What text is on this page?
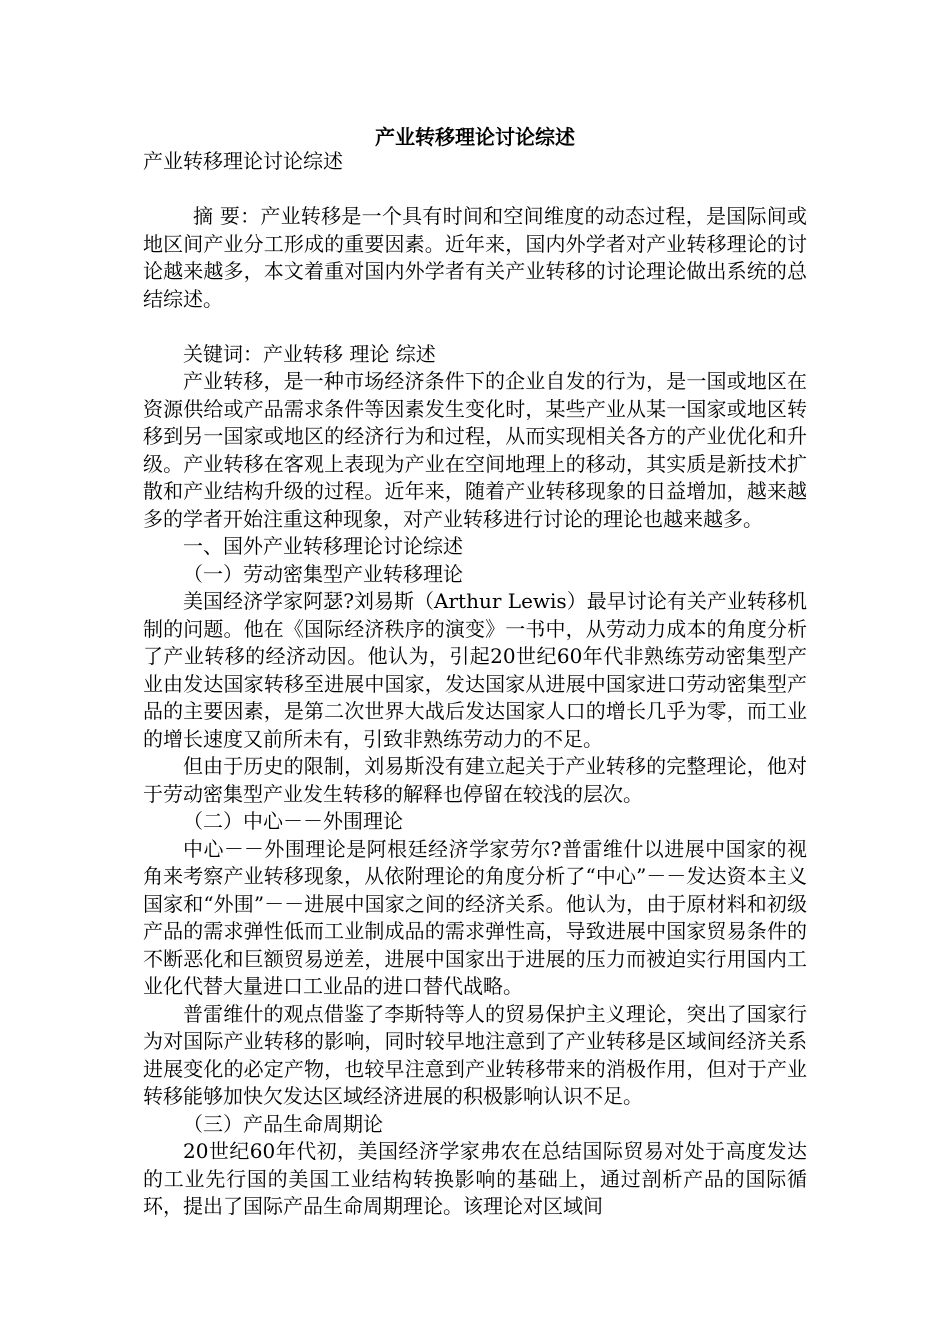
产业转移理论讨论综述

产业转移理论讨论综述

摘 要：产业转移是一个具有时间和空间维度的动态过程，是国际间或地区间产业分工形成的重要因素。近年来，国内外学者对产业转移理论的讨论越来越多，本文着重对国内外学者有关产业转移的讨论理论做出系统的总结综述。

关键词：产业转移 理论 综述

产业转移，是一种市场经济条件下的企业自发的行为，是一国或地区在资源供给或产品需求条件等因素发生变化时，某些产业从某一国家或地区转移到另一国家或地区的经济行为和过程，从而实现相关各方的产业优化和升级。产业转移在客观上表现为产业在空间地理上的移动，其实质是新技术扩散和产业结构升级的过程。近年来，随着产业转移现象的日益增加，越来越多的学者开始注重这种现象，对产业转移进行讨论的理论也越来越多。

一、国外产业转移理论讨论综述

（一）劳动密集型产业转移理论

美国经济学家阿瑟?刘易斯（Arthur Lewis）最早讨论有关产业转移机制的问题。他在《国际经济秩序的演变》一书中，从劳动力成本的角度分析了产业转移的经济动因。他认为，引起20世纪60年代非熟练劳动密集型产业由发达国家转移至进展中国家，发达国家从进展中国家进口劳动密集型产品的主要因素，是第二次世界大战后发达国家人口的增长几乎为零，而工业的增长速度又前所未有，引致非熟练劳动力的不足。

但由于历史的限制，刘易斯没有建立起关于产业转移的完整理论，他对于劳动密集型产业发生转移的解释也停留在较浅的层次。

（二）中心－－外围理论

中心－－外围理论是阿根廷经济学家劳尔?普雷维什以进展中国家的视角来考察产业转移现象，从依附理论的角度分析了“中心”－－发达资本主义国家和“外围”－－进展中国家之间的经济关系。他认为，由于原材料和初级产品的需求弹性低而工业制成品的需求弹性高，导致进展中国家贸易条件的不断恶化和巨额贸易逆差，进展中国家出于进展的压力而被迫实行用国内工业化代替大量进口工业品的进口替代战略。

普雷维什的观点借鉴了李斯特等人的贸易保护主义理论，突出了国家行为对国际产业转移的影响，同时较早地注意到了产业转移是区域间经济关系进展变化的必定产物，也较早注意到产业转移带来的消极作用，但对于产业转移能够加快欠发达区域经济进展的积极影响认识不足。

（三）产品生命周期论

20世纪60年代初，美国经济学家弗农在总结国际贸易对处于高度发达的工业先行国的美国工业结构转换影响的基础上，通过剖析产品的国际循环，提出了国际产品生命周期理论。该理论对区域间
